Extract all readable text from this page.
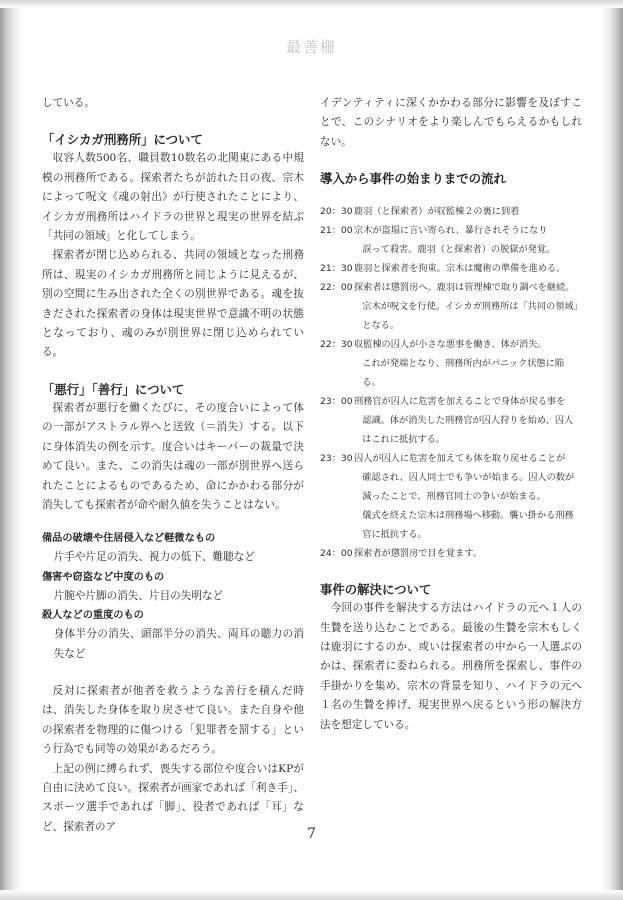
最善柵

している。

「イシカガ刑務所」について

収容人数500名、職員数10数名の北関東にある中規模の刑務所である。探索者たちが訪れた日の夜、宗木によって呪文《魂の射出》が行使されたことにより、イシカガ刑務所はハイドラの世界と現実の世界を結ぶ「共同の領域」と化してしまう。

探索者が閉じ込められる、共同の領域となった刑務所は、現実のイシカガ刑務所と同じように見えるが、別の空間に生み出された全くの別世界である。魂を抜きだされた探索者の身体は現実世界で意識不明の状態となっており、魂のみが別世界に閉じ込められている。

「悪行」「善行」について

探索者が悪行を働くたびに、その度合いによって体の一部がアストラル界へと送致（＝消失）する。以下に身体消失の例を示す。度合いはキーパーの裁量で決めて良い。また、この消失は魂の一部が別世界へ送られたことによるものであるため、命にかかわる部分が消失しても探索者が命や耐久値を失うことはない。

備品の破壊や住居侵入など軽微なもの
片手や片足の消失、視力の低下、難聴など
傷害や窃盗など中度のもの
片腕や片脚の消失、片目の失明など
殺人などの重度のもの
身体半分の消失、頭部半分の消失、両耳の聴力の消失など

反対に探索者が他者を救うような善行を積んだ時は、消失した身体を取り戻させて良い。また自身や他の探索者を物理的に傷つける「犯罪者を罰する」という行為でも同等の効果があるだろう。

上記の例に縛られず、喪失する部位や度合いはKPが自由に決めて良い。探索者が画家であれば「利き手」、スポーツ選手であれば「脚」、役者であれば「耳」など、探索者のア

イデンティティに深くかかわる部分に影響を及ぼすことで、このシナリオをより楽しんでもらえるかもしれない。

導入から事件の始まりまでの流れ
20：30 鹿羽（と探索者）が収監棟２の裏に到着
21：00 宗木が盗塌に言い寄られ、暴行されそうになり
誤って殺害。鹿羽（と探索者）の脱獄が発覚。
21：30 鹿羽と探索者を拘束。宗木は魔術の準備を進める。
22：00 探索者は懲罰房へ。鹿羽は管理棟で取り調べを継続。
宗木が呪文を行使。イシカガ刑務所は「共同の領域」
となる。
22：30 収監棟の囚人が小さな悪事を働き、体が消失。
これが発端となり、刑務所内がパニック状態に陥る。
23：00 刑務官が囚人に危害を加えることで身体が戻る事を
認識。体が消失した刑務官が囚人狩りを始め、囚人
はこれに抵抗する。
23：30 囚人が囚人に危害を加えても体を取り戻せることが
確認され、囚人同士でも争いが始まる。囚人の数が
減ったことで、刑務官同士の争いが始まる。
儀式を終えた宗木は刑務場へ移動。襲い掛かる刑務
官に抵抗する。
24：00 探索者が懲罰房で目を覚ます。
事件の解決について

今回の事件を解決する方法はハイドラの元へ１人の生贄を送り込むことである。最後の生贄を宗木もしくは鹿羽にするのか、或いは探索者の中から一人選ぶのかは、探索者に委ねられる。刑務所を探索し、事件の手掛かりを集め、宗木の背景を知り、ハイドラの元へ１名の生贄を捧げ、現実世界へ戻るという形の解決方法を想定している。

7
